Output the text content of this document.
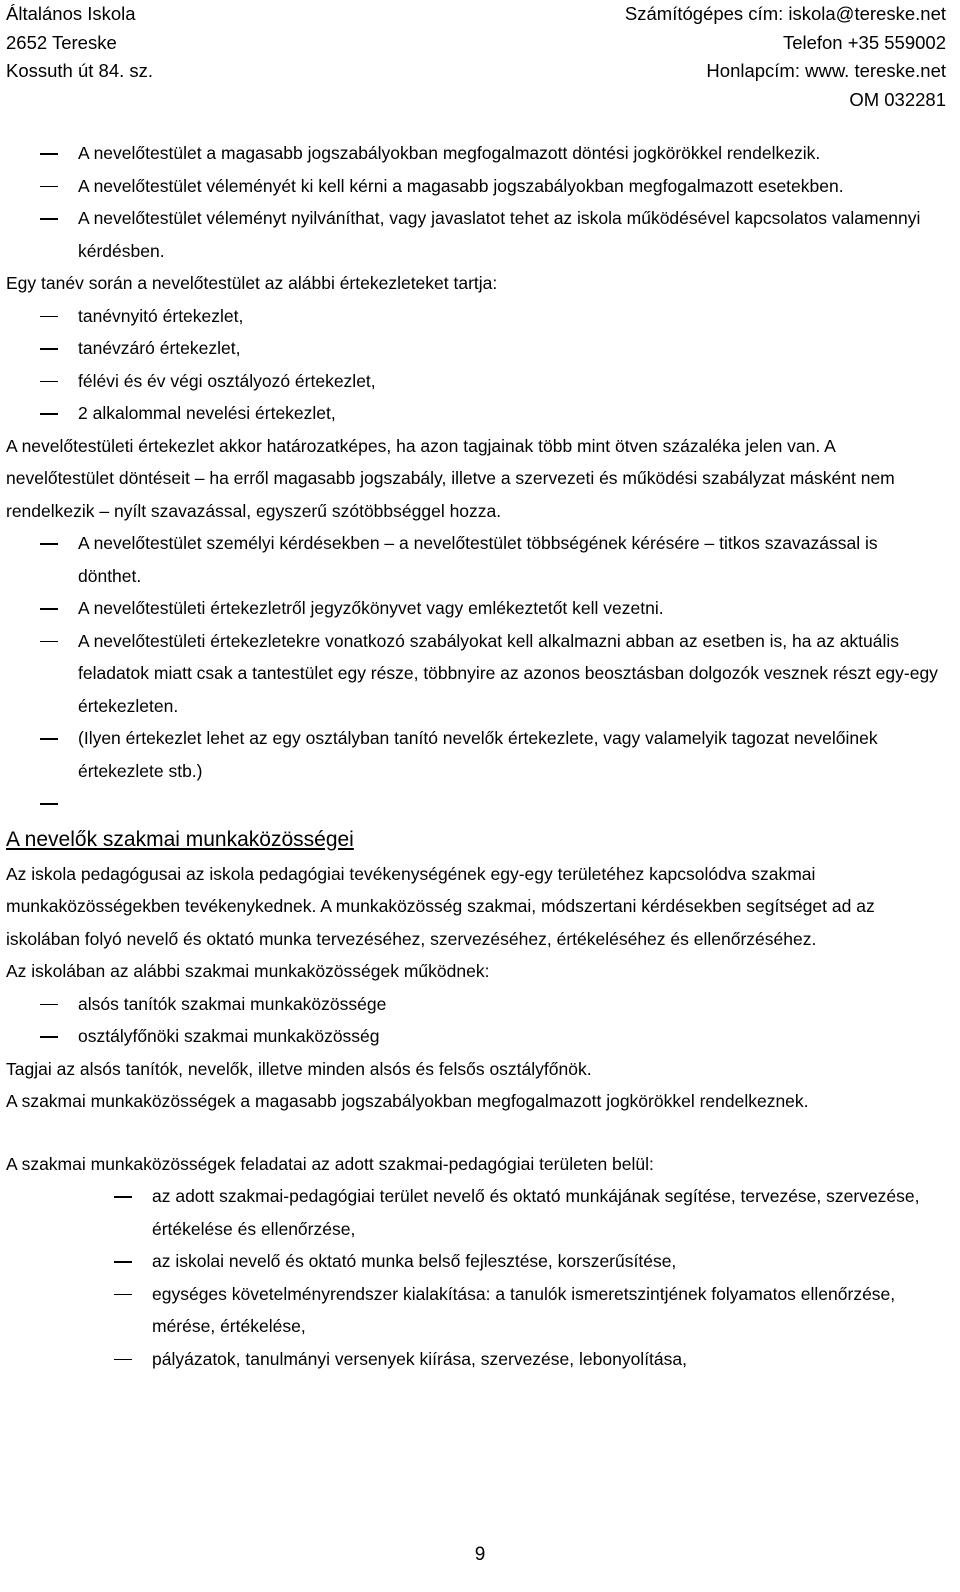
Általános Iskola
2652 Tereske
Kossuth út 84. sz.
Számítógépes cím: iskola@tereske.net
Telefon +35 559002
Honlapcím: www. tereske.net
OM 032281
A nevelőtestület a magasabb jogszabályokban megfogalmazott döntési jogkörökkel rendelkezik.
A nevelőtestület véleményét ki kell kérni a magasabb jogszabályokban megfogalmazott esetekben.
A nevelőtestület véleményt nyilváníthat, vagy javaslatot tehet az iskola működésével kapcsolatos valamennyi kérdésben.

Egy tanév során a nevelőtestület az alábbi értekezleteket tartja:

tanévnyitó értekezlet,
tanévzáró értekezlet,
félévi és év végi osztályozó értekezlet,
2 alkalommal nevelési értekezlet,

A nevelőtestületi értekezlet akkor határozatképes, ha azon tagjainak több mint ötven százaléka jelen van. A nevelőtestület döntéseit – ha erről magasabb jogszabály, illetve a szervezeti és működési szabályzat másként nem rendelkezik – nyílt szavazással, egyszerű szótöbbséggel hozza.

A nevelőtestület személyi kérdésekben – a nevelőtestület többségének kérésére – titkos szavazással is dönthet.
A nevelőtestületi értekezletről jegyzőkönyvet vagy emlékeztetőt kell vezetni.
A nevelőtestületi értekezletekre vonatkozó szabályokat kell alkalmazni abban az esetben is, ha az aktuális feladatok miatt csak a tantestület egy része, többnyire az azonos beosztásban dolgozók vesznek részt egy-egy értekezleten.
(Ilyen értekezlet lehet az egy osztályban tanító nevelők értekezlete, vagy valamelyik tagozat nevelőinek értekezlete stb.)

A nevelők szakmai munkaközösségei

Az iskola pedagógusai az iskola pedagógiai tevékenységének egy-egy területéhez kapcsolódva szakmai munkaközösségekben tevékenykednek. A munkaközösség szakmai, módszertani kérdésekben segítséget ad az iskolában folyó nevelő és oktató munka tervezéséhez, szervezéséhez, értékeléséhez és ellenőrzéséhez.

Az iskolában az alábbi szakmai munkaközösségek működnek:

alsós tanítók szakmai munkaközössége
osztályfőnöki szakmai munkaközösség

Tagjai az alsós tanítók, nevelők, illetve minden alsós és felsős osztályfőnök.

A szakmai munkaközösségek a magasabb jogszabályokban megfogalmazott jogkörökkel rendelkeznek.

A szakmai munkaközösségek feladatai az adott szakmai-pedagógiai területen belül:

az adott szakmai-pedagógiai terület nevelő és oktató munkájának segítése, tervezése, szervezése, értékelése és ellenőrzése,
az iskolai nevelő és oktató munka belső fejlesztése, korszerűsítése,
egységes követelményrendszer kialakítása: a tanulók ismeretszintjének folyamatos ellenőrzése, mérése, értékelése,
pályázatok, tanulmányi versenyek kiírása, szervezése, lebonyolítása,
9
